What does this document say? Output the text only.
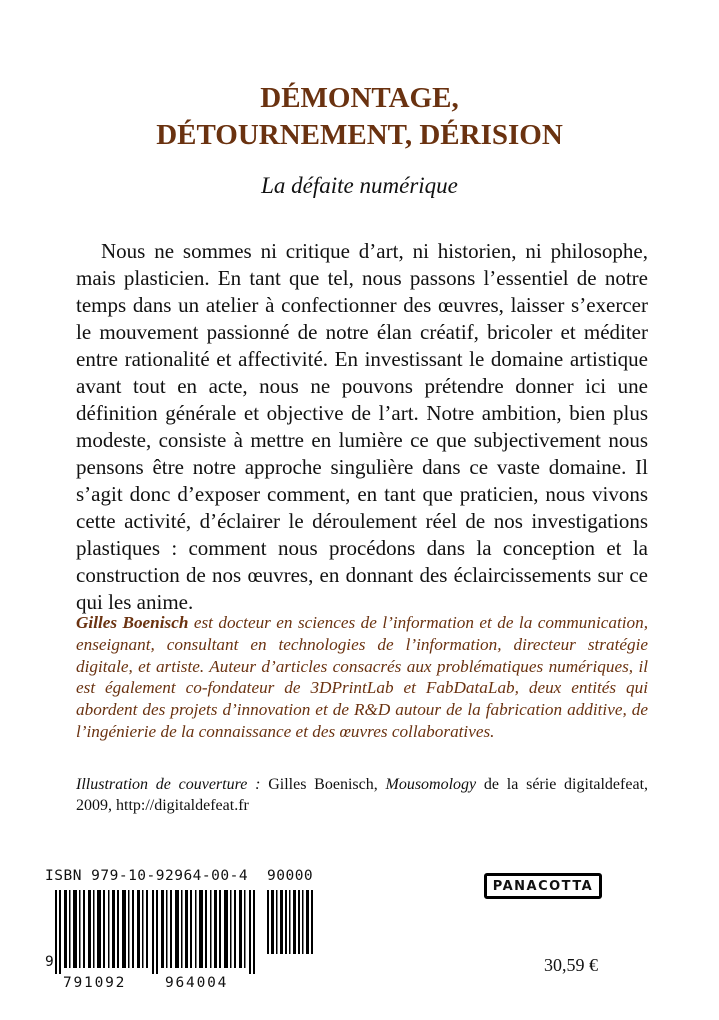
DÉMONTAGE,
DÉTOURNEMENT, DÉRISION

La défaite numérique

Nous ne sommes ni critique d’art, ni historien, ni philosophe, mais plasticien. En tant que tel, nous passons l’essentiel de notre temps dans un atelier à confectionner des œuvres, laisser s’exercer le mouvement passionné de notre élan créatif, bricoler et méditer entre rationalité et affectivité. En investissant le domaine artistique avant tout en acte, nous ne pouvons prétendre donner ici une définition générale et objective de l’art. Notre ambition, bien plus modeste, consiste à mettre en lumière ce que subjectivement nous pensons être notre approche singulière dans ce vaste domaine. Il s’agit donc d’exposer comment, en tant que praticien, nous vivons cette activité, d’éclairer le déroulement réel de nos investigations plastiques : comment nous procédons dans la conception et la construction de nos œuvres, en donnant des éclaircissements sur ce qui les anime.

Gilles Boenisch est docteur en sciences de l’information et de la communication, enseignant, consultant en technologies de l’information, directeur stratégie digitale, et artiste. Auteur d’articles consacrés aux problématiques numériques, il est également co-fondateur de 3DPrintLab et FabDataLab, deux entités qui abordent des projets d’innovation et de R&D autour de la fabrication additive, de l’ingénierie de la connaissance et des œuvres collaboratives.

Illustration de couverture : Gilles Boenisch, Mousomology de la série digitaldefeat, 2009, http://digitaldefeat.fr

ISBN 979-10-92964-00-4 90000
9
791092	964004
PANACOTTA
30,59 €
